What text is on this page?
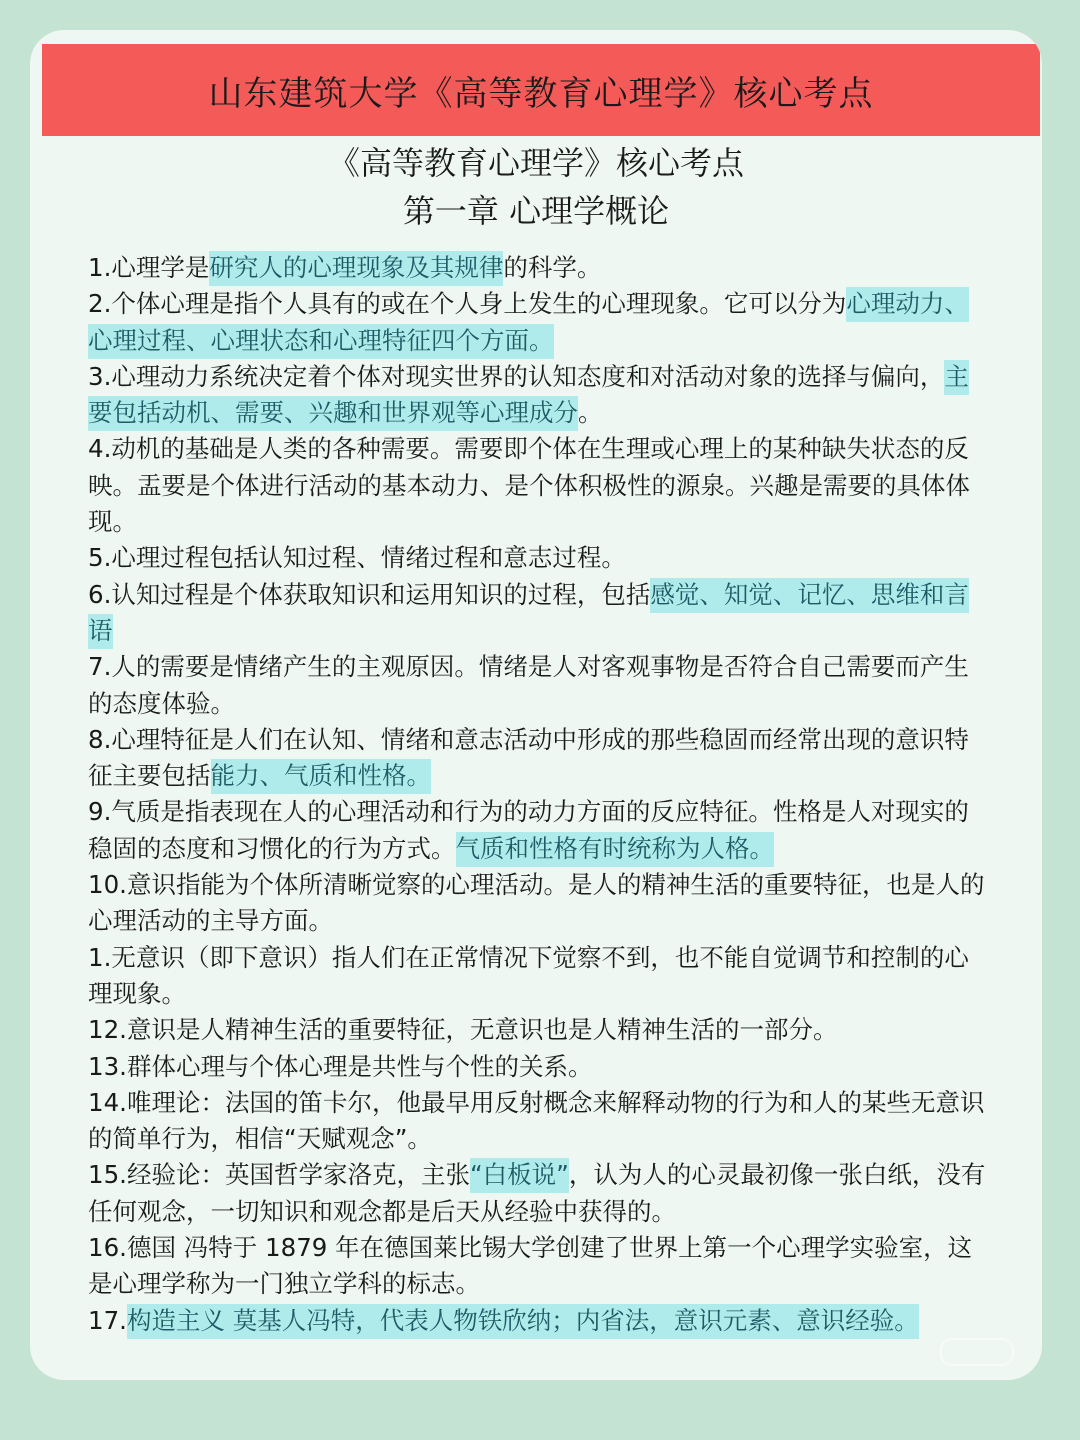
山东建筑大学《高等教育心理学》核心考点
《高等教育心理学》核心考点
第一章 心理学概论

1.心理学是研究人的心理现象及其规律的科学。

2.个体心理是指个人具有的或在个人身上发生的心理现象。它可以分为心理动力、心理过程、心理状态和心理特征四个方面。

3.心理动力系统决定着个体对现实世界的认知态度和对活动对象的选择与偏向，主要包括动机、需要、兴趣和世界观等心理成分。

4.动机的基础是人类的各种需要。需要即个体在生理或心理上的某种缺失状态的反映。盂要是个体进行活动的基本动力、是个体积极性的源泉。兴趣是需要的具体体现。

5.心理过程包括认知过程、情绪过程和意志过程。

6.认知过程是个体获取知识和运用知识的过程，包括感觉、知觉、记忆、思维和言语

7.人的需要是情绪产生的主观原因。情绪是人对客观事物是否符合自己需要而产生的态度体验。

8.心理特征是人们在认知、情绪和意志活动中形成的那些稳固而经常出现的意识特征主要包括能力、气质和性格。

9.气质是指表现在人的心理活动和行为的动力方面的反应特征。性格是人对现实的稳固的态度和习惯化的行为方式。气质和性格有时统称为人格。

10.意识指能为个体所清晰觉察的心理活动。是人的精神生活的重要特征，也是人的心理活动的主导方面。

1.无意识（即下意识）指人们在正常情况下觉察不到，也不能自觉调节和控制的心理现象。

12.意识是人精神生活的重要特征，无意识也是人精神生活的一部分。

13.群体心理与个体心理是共性与个性的关系。

14.唯理论：法国的笛卡尔，他最早用反射概念来解释动物的行为和人的某些无意识的简单行为，相信“天赋观念”。

15.经验论：英国哲学家洛克，主张“白板说”，认为人的心灵最初像一张白纸，没有任何观念，一切知识和观念都是后天从经验中获得的。

16.德国 冯特于 1879 年在德国莱比锡大学创建了世界上第一个心理学实验室，这是心理学称为一门独立学科的标志。

17.构造主义 莫基人冯特，代表人物铁欣纳；内省法，意识元素、意识经验。
